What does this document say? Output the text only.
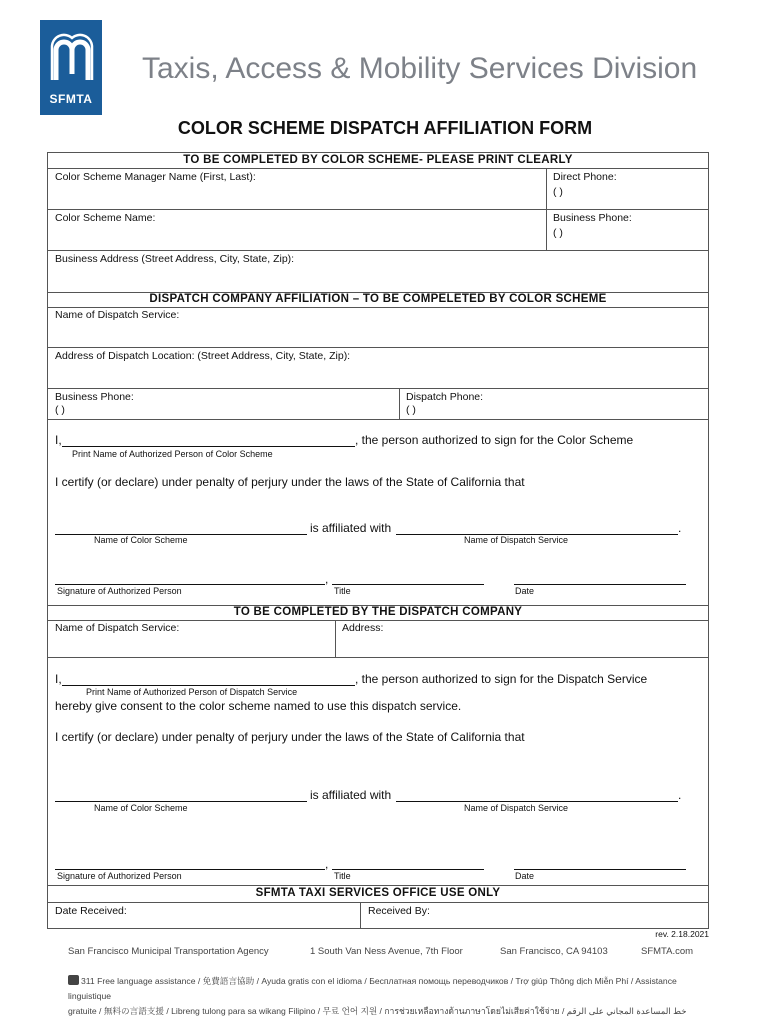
SFMTA
Taxis, Access & Mobility Services Division
COLOR SCHEME DISPATCH AFFILIATION FORM
TO BE COMPLETED BY COLOR SCHEME- PLEASE PRINT CLEARLY
Color Scheme Manager Name (First, Last):	Direct Phone:
( )
Color Scheme Name:	Business Phone:
( )
Business Address (Street Address, City, State, Zip):
DISPATCH COMPANY AFFILIATION – TO BE COMPELETED BY COLOR SCHEME
Name of Dispatch Service:
Address of Dispatch Location: (Street Address, City, State, Zip):
Business Phone:
( )
Dispatch Phone:
( )
I,	, the person authorized to sign for the Color Scheme
Print Name of Authorized Person of Color Scheme
I certify (or declare) under penalty of perjury under the laws of the State of California that
is affiliated with	.
Name of Color Scheme	Name of Dispatch Service
,
Signature of Authorized Person	Title	Date
TO BE COMPLETED BY THE DISPATCH COMPANY
Name of Dispatch Service:	Address:
I,	, the person authorized to sign for the Dispatch Service
Print Name of Authorized Person of Dispatch Service
hereby give consent to the color scheme named to use this dispatch service.
I certify (or declare) under penalty of perjury under the laws of the State of California that
is affiliated with	.
Name of Color Scheme	Name of Dispatch Service
,
Signature of Authorized Person	Title	Date
SFMTA TAXI SERVICES OFFICE USE ONLY
Date Received:	Received By:
rev. 2.18.2021
San Francisco Municipal Transportation Agency	1 South Van Ness Avenue, 7th Floor	San Francisco, CA 94103	SFMTA.com
311 Free language assistance / 免費語言協助 / Ayuda gratis con el idioma / Бесплатная помощь переводчиков / Trợ giúp Thông dịch Miễn Phí / Assistance linguistique
gratuite / 無料の言語支援 / Libreng tulong para sa wikang Filipino / 무료 언어 지원 / การช่วยเหลือทางด้านภาษาโดยไม่เสียค่าใช้จ่าย / خط المساعدة المجاني على الرقم
